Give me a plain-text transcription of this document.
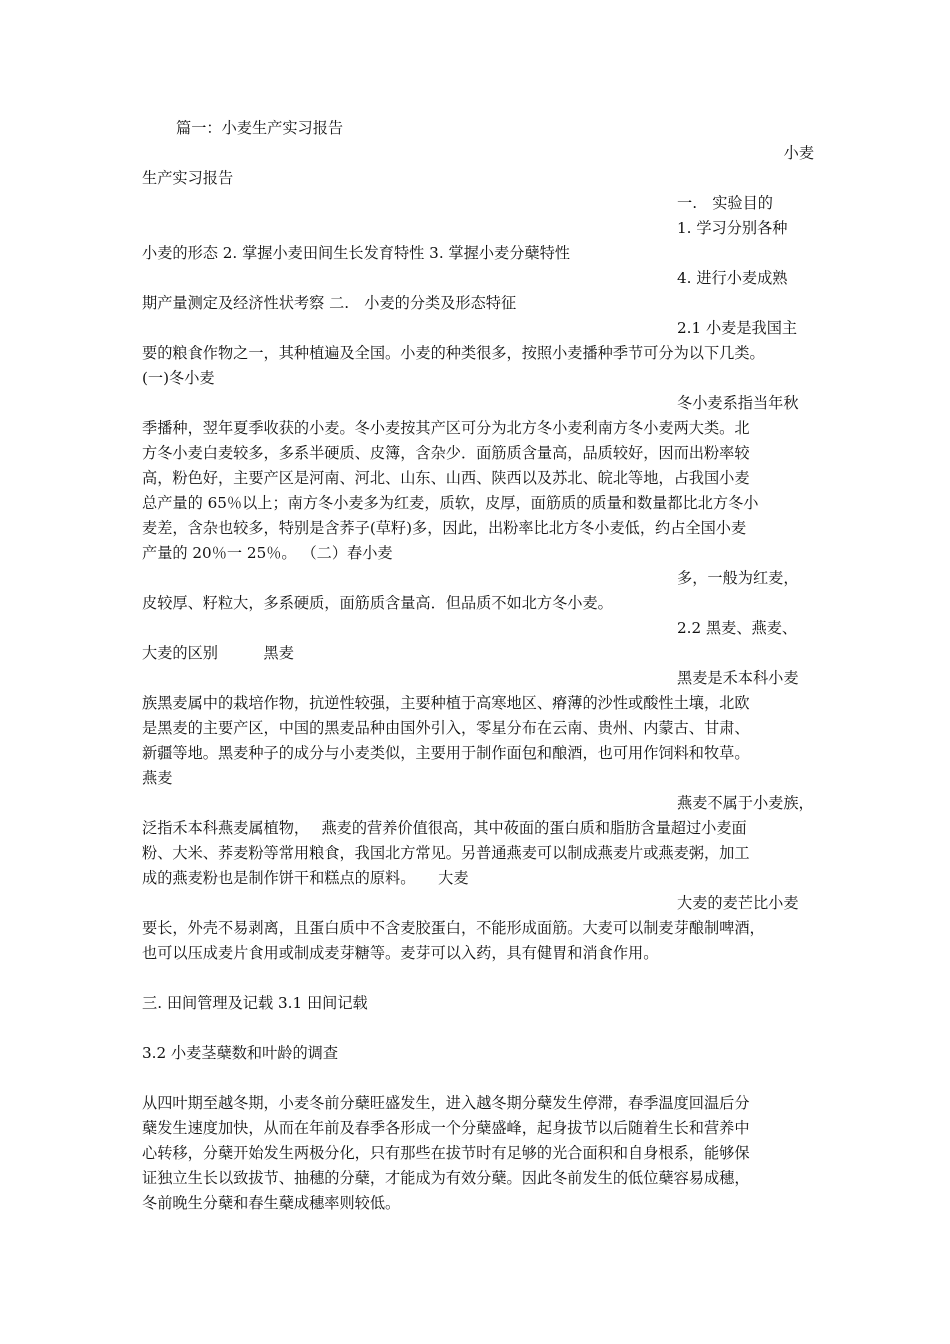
篇一：小麦生产实习报告
小麦
生产实习报告
一.　实验目的
1. 学习分别各种
小麦的形态 2. 掌握小麦田间生长发育特性 3. 掌握小麦分蘖特性
4. 进行小麦成熟
期产量测定及经济性状考察 二.　小麦的分类及形态特征
2.1 小麦是我国主
要的粮食作物之一，其种植遍及全国。小麦的种类很多，按照小麦播种季节可分为以下几类。
(一)冬小麦
冬小麦系指当年秋
季播种，翌年夏季收获的小麦。冬小麦按其产区可分为北方冬小麦利南方冬小麦两大类。北
方冬小麦白麦较多，多系半硬质、皮簿，含杂少．面筋质含量高，品质较好，因而出粉率较
高，粉色好，主要产区是河南、河北、山东、山西、陕西以及苏北、皖北等地，占我国小麦
总产量的 65％以上；南方冬小麦多为红麦，质软，皮厚，面筋质的质量和数量都比北方冬小
麦差，含杂也较多，特别是含荞子(草籽)多，因此，出粉率比北方冬小麦低，约占全国小麦
产量的 20％一 25％。 （二）春小麦
多，一般为红麦，
皮较厚、籽粒大，多系硬质，面筋质含量高．但品质不如北方冬小麦。
2.2 黑麦、燕麦、
大麦的区别　　　黑麦
黑麦是禾本科小麦
族黑麦属中的栽培作物，抗逆性较强，主要种植于高寒地区、瘠薄的沙性或酸性土壤，北欧
是黑麦的主要产区，中国的黑麦品种由国外引入，零星分布在云南、贵州、内蒙古、甘肃、
新疆等地。黑麦种子的成分与小麦类似，主要用于制作面包和酿酒，也可用作饲料和牧草。
燕麦
燕麦不属于小麦族，
泛指禾本科燕麦属植物，　 燕麦的营养价值很高，其中莜面的蛋白质和脂肪含量超过小麦面
粉、大米、荞麦粉等常用粮食，我国北方常见。另普通燕麦可以制成燕麦片或燕麦粥，加工
成的燕麦粉也是制作饼干和糕点的原料。　　大麦
大麦的麦芒比小麦
要长，外壳不易剥离，且蛋白质中不含麦胶蛋白，不能形成面筋。大麦可以制麦芽酿制啤酒，
也可以压成麦片食用或制成麦芽糖等。麦芽可以入药，具有健胃和消食作用。
三. 田间管理及记载 3.1 田间记载
3.2 小麦茎蘖数和叶龄的调查
从四叶期至越冬期，小麦冬前分蘖旺盛发生，进入越冬期分蘖发生停滞，春季温度回温后分
蘖发生速度加快，从而在年前及春季各形成一个分蘖盛峰，起身拔节以后随着生长和营养中
心转移，分蘖开始发生两极分化，只有那些在拔节时有足够的光合面积和自身根系，能够保
证独立生长以致拔节、抽穗的分蘖，才能成为有效分蘖。因此冬前发生的低位蘖容易成穗，
冬前晚生分蘖和春生蘖成穗率则较低。
